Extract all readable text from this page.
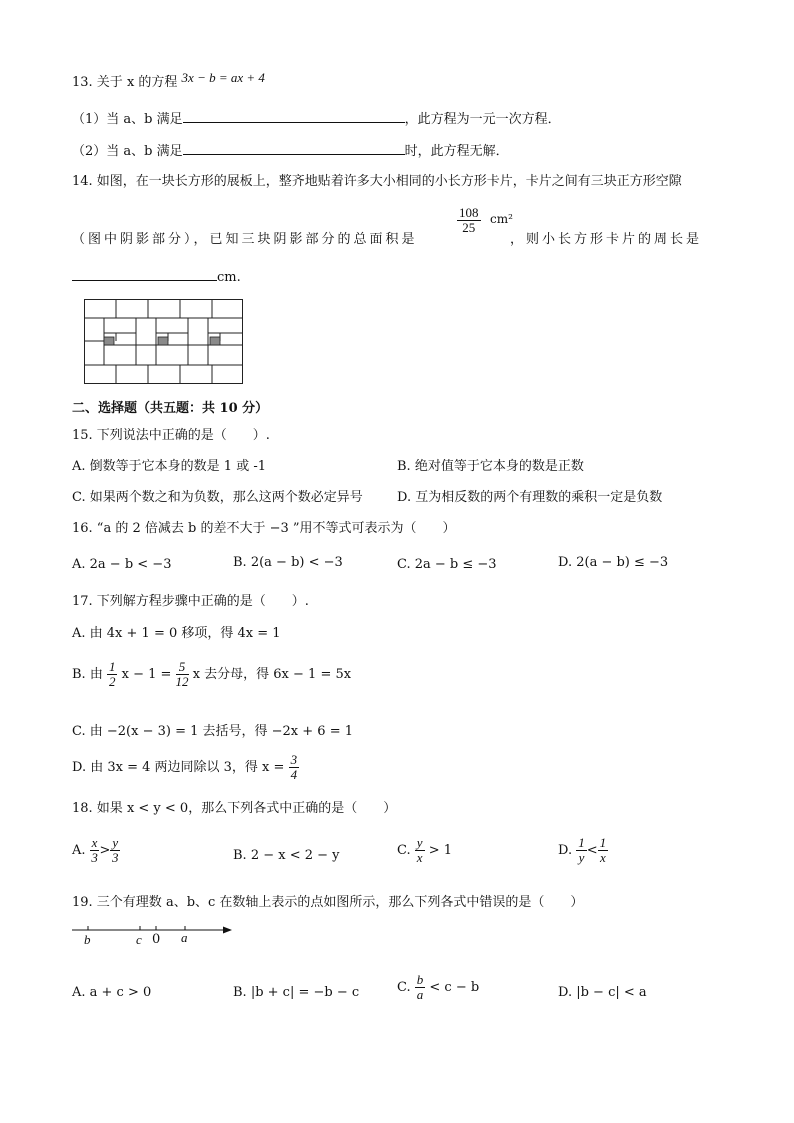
13. 关于 x 的方程 3x − b = ax + 4
（1）当 a、b 满足	，此方程为一元一次方程．
（2）当 a、b 满足	时，此方程无解．
14. 如图，在一块长方形的展板上，整齐地贴着许多大小相同的小长方形卡片，卡片之间有三块正方形空隙
（图中阴影部分），已知三块阴影部分的总面积是
$\frac{108}{25} cm^2$
，则小长方形卡片的周长是
cm.
二、选择题（共五题：共 10 分）
15. 下列说法中正确的是（　　）.
A. 倒数等于它本身的数是 1 或 -1	B. 绝对值等于它本身的数是正数
C. 如果两个数之和为负数，那么这两个数必定异号	D. 互为相反数的两个有理数的乘积一定是负数
16. “a 的 2 倍减去 b 的差不大于 −3 ”用不等式可表示为（　　）
A. 2a − b < −3	B. 2(a − b) < −3	C. 2a − b ≤ −3	D. 2(a − b) ≤ −3
17. 下列解方程步骤中正确的是（　　）.
A. 由 4x + 1 = 0 移项，得 4x = 1
B. 由 $\frac{1}{2}$ $x - 1 = \frac{5}{12}$ x 去分母，得 6x − 1 = 5x
C. 由 −2(x − 3) = 1 去括号，得 −2x + 6 = 1
D. 由 3x = 4 两边同除以 3，得 $x = \frac{3}{4}$
18. 如果 x < y < 0，那么下列各式中正确的是（　　）
A. $\frac{x}{3} > \frac{y}{3}$	B. 2 − x < 2 − y	C. $\frac{y}{x} > 1$	D. $\frac{1}{y} < \frac{1}{x}$
19. 三个有理数 a、b、c 在数轴上表示的点如图所示，那么下列各式中错误的是（　　）
b	c 0 a
A. a + c > 0	B. |b + c| = −b − c	C. $\frac{b}{a} < c - b$	D. |b − c| < a
